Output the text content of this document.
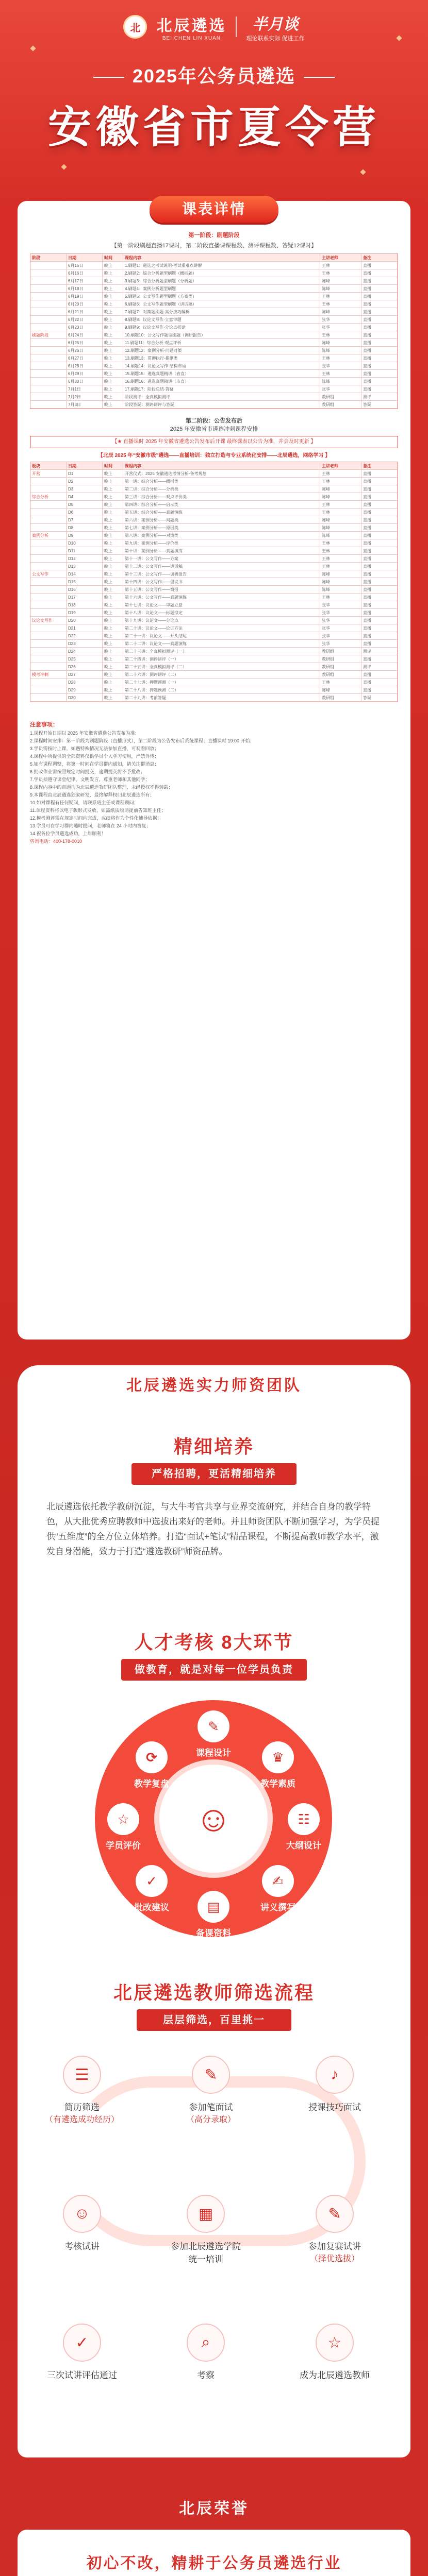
北	北辰遴选
BEI CHEN LIN XUAN
半月谈
理论联系实际 促进工作
2025年公务员遴选
安徽省市夏令营
课表详情
第一阶段：刷题阶段
【第一阶段刷题直播17课时，第二阶段直播课课程数、测评课程数、答疑12课时】
阶段	日期	时间	课程内容	主讲老师	备注
6月15日	晚上	1.刷题1：遴选之考试说明·考试重难点讲解	王林	直播
6月16日	晚上	2.刷题2：综合分析题型刷题（概括题）	王林	直播
6月17日	晚上	3.刷题3：综合分析题型刷题（分析题）	陈峰	直播
6月18日	晚上	4.刷题4：案例分析题型刷题	陈峰	直播
6月19日	晚上	5.刷题5：公文写作题型刷题（方案类）	王林	直播
6月20日	晚上	6.刷题6：公文写作题型刷题（讲话稿）	王林	直播
6月21日	晚上	7.刷题7：对策题刷题·高分技巧解析	陈峰	直播
6月22日	晚上	8.刷题8：议论文写作·立意审题	张华	直播
6月23日	晚上	9.刷题9：议论文写作·分论点搭建	张华	直播
刷题阶段	6月24日	晚上	10.刷题10：公文写作题型刷题（调研报告）	王林	直播
6月25日	晚上	11.刷题11：综合分析·观点评析	陈峰	直播
6月26日	晚上	12.刷题12：案例分析·问题对策	陈峰	直播
6月27日	晚上	13.刷题13：贯彻执行·提纲类	王林	直播
6月28日	晚上	14.刷题14：议论文写作·结构布局	张华	直播
6月29日	晚上	15.刷题15：遴选真题精讲（省直）	王林	直播
6月30日	晚上	16.刷题16：遴选真题精讲（市直）	陈峰	直播
7月1日	晚上	17.刷题17：阶段总结·答疑	张华	直播
7月2日	晚上	阶段测评：全真模拟测评	教研组	测评
7月3日	晚上	阶段答疑：测评讲评与答疑	教研组	答疑
第二阶段：公告发布后
2025 年安徽省市遴选冲刺课程安排
【★ 直播课时 2025 年安徽省遴选公告发布后开课 最终课表以公告为准，并会及时更新 】
【北辰 2025 年“安徽市级”遴选——直播培训：独立打造与专业系统化安排——北辰遴选，网络学习 】
板块	日期	时间	课程内容	主讲老师	备注
开营	D1	晚上	开营仪式：2025 安徽遴选考情分析·备考规划	王林	直播
D2	晚上	第一讲：综合分析——概括类	王林	直播
D3	晚上	第二讲：综合分析——分析类	陈峰	直播
综合分析	D4	晚上	第三讲：综合分析——观点评价类	陈峰	直播
D5	晚上	第四讲：综合分析——启示类	王林	直播
D6	晚上	第五讲：综合分析——真题演练	王林	直播
D7	晚上	第六讲：案例分析——问题类	陈峰	直播
D8	晚上	第七讲：案例分析——原因类	陈峰	直播
案例分析	D9	晚上	第八讲：案例分析——对策类	陈峰	直播
D10	晚上	第九讲：案例分析——评价类	王林	直播
D11	晚上	第十讲：案例分析——真题演练	王林	直播
D12	晚上	第十一讲：公文写作——方案	王林	直播
D13	晚上	第十二讲：公文写作——讲话稿	王林	直播
公文写作	D14	晚上	第十三讲：公文写作——调研报告	陈峰	直播
D15	晚上	第十四讲：公文写作——倡议书	陈峰	直播
D16	晚上	第十五讲：公文写作——简报	陈峰	直播
D17	晚上	第十六讲：公文写作——真题演练	王林	直播
D18	晚上	第十七讲：议论文——审题立意	张华	直播
D19	晚上	第十八讲：议论文——标题拟定	张华	直播
议论文写作	D20	晚上	第十九讲：议论文——分论点	张华	直播
D21	晚上	第二十讲：议论文——论证方法	张华	直播
D22	晚上	第二十一讲：议论文——开头结尾	张华	直播
D23	晚上	第二十二讲：议论文——真题演练	张华	直播
D24	晚上	第二十三讲：全真模拟测评（一）	教研组	测评
D25	晚上	第二十四讲：测评讲评（一）	教研组	直播
D26	晚上	第二十五讲：全真模拟测评（二）	教研组	测评
模考冲刺	D27	晚上	第二十六讲：测评讲评（二）	教研组	直播
D28	晚上	第二十七讲：押题预测（一）	王林	直播
D29	晚上	第二十八讲：押题预测（二）	陈峰	直播
D30	晚上	第二十九讲：考前答疑	教研组	答疑
注意事项：

1.课程开始日期以 2025 年安徽省遴选公告发布为准；

2.课程时间安排：第一阶段为刷题阶段（直播形式），第二阶段为公告发布后系统课程；直播课时 19:00 开始；

3.学员需按时上课，如遇特殊情况无法参加直播，可观看回放；

4.课程中所提供的全部资料仅供学员个人学习使用，严禁外传；

5.如有课程调整，将第一时间在学员群内通知，请关注群消息；

6.批改作业需按照规定时间提交，逾期提交将不予批改；

7.学员须遵守课堂纪律，文明发言，尊重老师和其他同学；

8.课程内容中的真题均为北辰遴选教研团队整理，未经授权不得转载；

9.本课程由北辰遴选独家研发，最终解释权归北辰遴选所有；

10.如对课程有任何疑问，请联系班主任或课程顾问；

11.课程资料将以电子版形式发放，如需纸质版请提前告知班主任；

12.模考测评需在规定时间内完成，成绩将作为个性化辅导依据；

13.学员可在学习群内随时提问，老师将在 24 小时内答复；

14.祝各位学员遴选成功，上岸顺利！

咨询电话：400-178-0010

北辰遴选实力师资团队
精细培养
严格招聘，更活精细培养
北辰遴选依托教学教研沉淀，与大牛考官共享与业界交流研究，并结合自身的教学特色，从大批优秀应聘教师中选拔出来好的老师。并且师资团队不断加强学习，为学员提供“五维度”的全方位立体培养。打造“面试+笔试”精品课程，不断提高教师教学水平，激发自身潜能，致力于打造“遴选教研”师资品牌。
人才考核 8大环节
做教育，就是对每一位学员负责
☺
✎
课程设计	♛
教学素质
☷
大纲设计
✍
讲义撰写
▤
备课资料
✓
批改建议
☆
学员评价
⟳
教学复盘
北辰遴选教师筛选流程
层层筛选，百里挑一
☰
简历筛选
（有遴选成功经历）
✎
参加笔面试
（高分录取）
♪
授课技巧面试
☺
考核试讲
▦
参加北辰遴选学院统一培训
✎
参加复赛试讲
（择优选拔）
✓
三次试讲评估通过
⌕
考察
☆
成为北辰遴选教师
北辰荣誉
初心不改，精耕于公务员遴选行业
